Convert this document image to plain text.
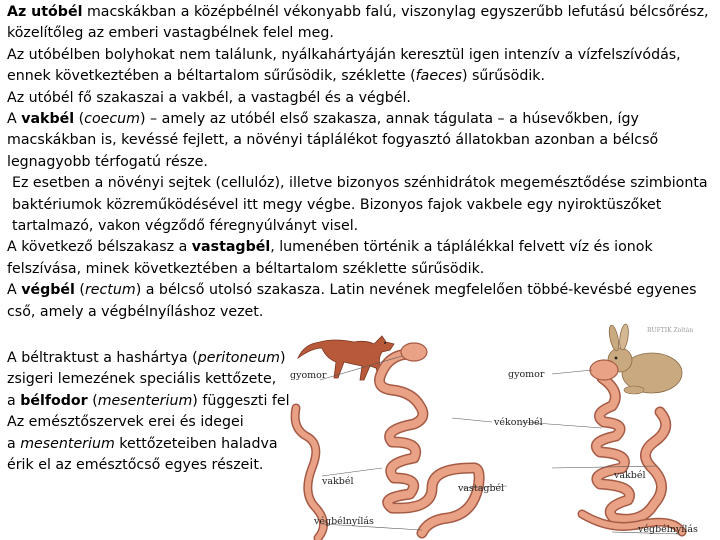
Az utóbél macskákban a középbélnél vékonyabb falú, viszonylag egyszerűbb lefutású bélcsőrész, közelítőleg az emberi vastagbélnek felel meg.

Az utóbélben bolyhokat nem találunk, nyálkahártyáján keresztül igen intenzív a vízfelszívódás, ennek következtében a béltartalom sűrűsödik, széklette (faeces) sűrűsödik.

Az utóbél fő szakaszai a vakbél, a vastagbél és a végbél.

A vakbél (coecum) – amely az utóbél első szakasza, annak tágulata – a húsevőkben, így macskákban is, kevéssé fejlett, a növényi táplálékot fogyasztó állatokban azonban a bélcső legnagyobb térfogatú része.

Ez esetben a növényi sejtek (cellulóz), illetve bizonyos szénhidrátok megemésztődése szimbionta baktériumok közreműködésével itt megy végbe. Bizonyos fajok vakbele egy nyiroktüszőket tartalmazó, vakon végződő féregnyúlványt visel.

A következő bélszakasz a vastagbél, lumenében történik a táplálékkal felvett víz és ionok felszívása, minek következtében a béltartalom széklette sűrűsödik.

A végbél (rectum) a bélcső utolsó szakasza. Latin nevének megfelelően többé-kevésbé egyenes cső, amely a végbélnyíláshoz vezet.

A béltraktust a hashártya (peritoneum)
zsigeri lemezének speciális kettőzete,
a bélfodor (mesenterium) függeszti fel
Az emésztőszervek erei és idegei
a mesenterium kettőzeteiben haladva
érik el az emésztőcső egyes részeit.
RUFTIK Zoltán
gyomor	gyomor
vékonybél
vakbél
vakbél
vastagbél
végbélnyílás
végbélnyílás
